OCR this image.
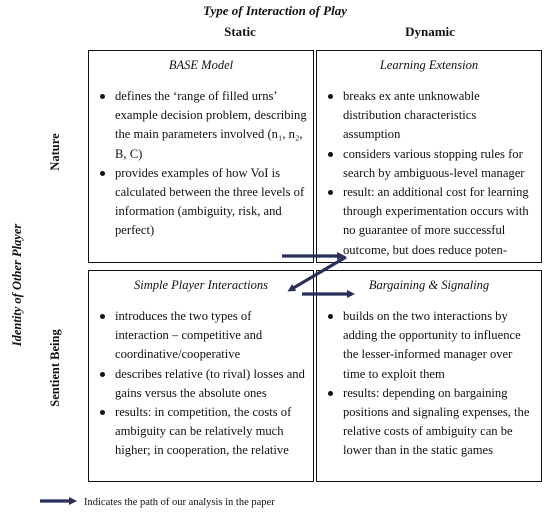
Type of Interaction of Play
Static	Dynamic
Identity of Other Player
Nature
Sentient Being
BASE Model
defines the ‘range of filled urns’ example decision problem, describing the main parameters involved (n₁, n₂, B, C)
provides examples of how VoI is calculated between the three levels of information (ambiguity, risk, and perfect)
Learning Extension
breaks ex ante unknowable distribution characteristics assumption
considers various stopping rules for search by ambiguous-level manager
result: an additional cost for learning through experimentation occurs with no guarantee of more successful outcome, but does reduce poten-
Simple Player Interactions
introduces the two types of interaction – competitive and coordinative/cooperative
describes relative (to rival) losses and gains versus the absolute ones
results: in competition, the costs of ambiguity can be relatively much higher; in cooperation, the relative
Bargaining & Signaling
builds on the two interactions by adding the opportunity to influence the lesser-informed manager over time to exploit them
results: depending on bargaining positions and signaling expenses, the relative costs of ambiguity can be lower than in the static games
Indicates the path of our analysis in the paper
